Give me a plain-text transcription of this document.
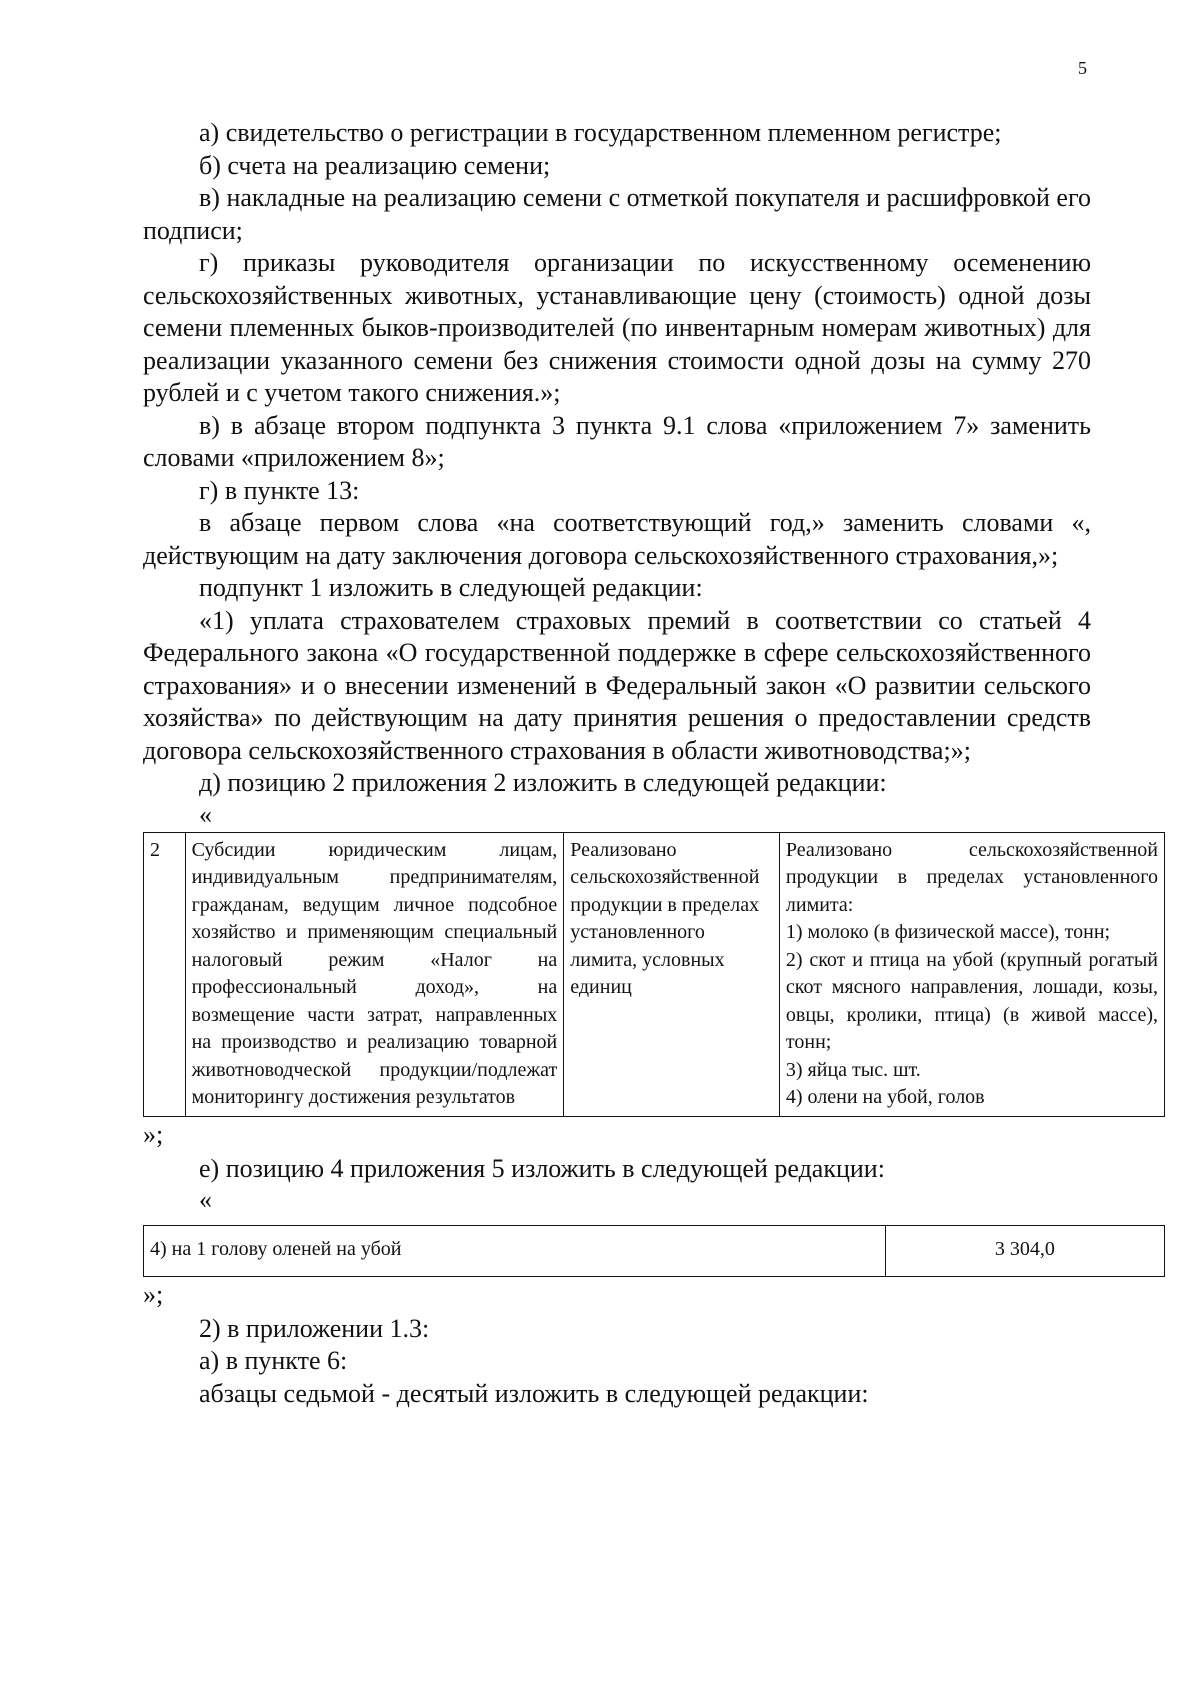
5

а) свидетельство о регистрации в государственном племенном регистре;

б) счета на реализацию семени;

в) накладные на реализацию семени с отметкой покупателя и расшифровкой его подписи;

г) приказы руководителя организации по искусственному осеменению сельскохозяйственных животных, устанавливающие цену (стоимость) одной дозы семени племенных быков-производителей (по инвентарным номерам животных) для реализации указанного семени без снижения стоимости одной дозы на сумму 270 рублей и с учетом такого снижения.»;

в) в абзаце втором подпункта 3 пункта 9.1 слова «приложением 7» заменить словами «приложением 8»;

г) в пункте 13:

в абзаце первом слова «на соответствующий год,» заменить словами «, действующим на дату заключения договора сельскохозяйственного страхования,»;

подпункт 1 изложить в следующей редакции:

«1) уплата страхователем страховых премий в соответствии со статьей 4 Федерального закона «О государственной поддержке в сфере сельскохозяйственного страхования» и о внесении изменений в Федеральный закон «О развитии сельского хозяйства» по действующим на дату принятия решения о предоставлении средств договора сельскохозяйственного страхования в области животноводства;»;

д) позицию 2 приложения 2 изложить в следующей редакции:

«

2	Субсидии юридическим лицам, индивидуальным предпринимателям, гражданам, ведущим личное подсобное хозяйство и применяющим специальный налоговый режим «Налог на профессиональный доход», на возмещение части затрат, направленных на производство и реализацию товарной животноводческой продукции/подлежат мониторингу достижения результатов	Реализовано сельскохозяйственной продукции в пределах установленного лимита, условных единиц	Реализовано сельскохозяйственной продукции в пределах установленного лимита:
1) молоко (в физической массе), тонн;
2) скот и птица на убой (крупный рогатый скот мясного направления, лошади, козы, овцы, кролики, птица) (в живой массе), тонн;
3) яйца тыс. шт.
4) олени на убой, голов

»;

е) позицию 4 приложения 5 изложить в следующей редакции:

«

4) на 1 голову оленей на убой	3 304,0

»;

2) в приложении 1.3:

а) в пункте 6:

абзацы седьмой - десятый изложить в следующей редакции:
